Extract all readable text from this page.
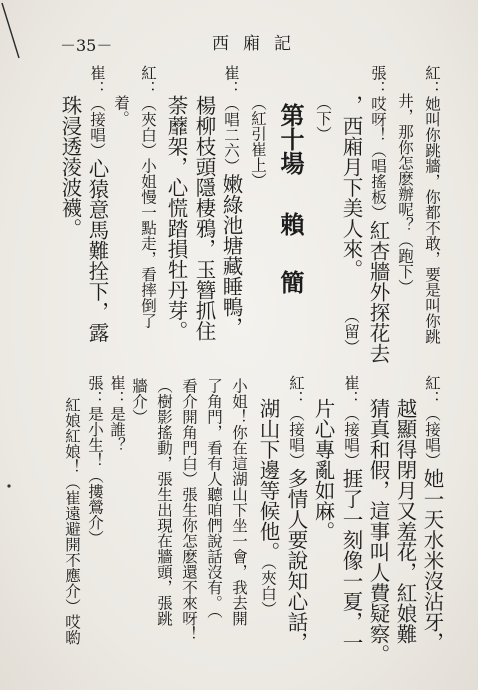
－35－	西廂記
紅：她叫你跳牆，你都不敢，要是叫你跳
井，那你怎麽辦呢？（跑下）
張：哎呀！（唱搖板）紅杏牆外探花去
，西廂月下美人來。
（留）
（下）
第十場
賴簡
（紅引崔上）
崔：（唱二六）嫩綠池塘藏睡鴨，
楊柳枝頭隱棲鴉，玉簪抓住
荼蘼架，心慌踏損牡丹芽。
紅：（夾白）小姐慢一點走，看摔倒了
着。
崔：（接唱）心猿意馬難拴下，露
珠浸透淩波襪。
紅：（接唱）她一天水米沒沾牙，
越顯得閉月又羞花，紅娘難
猜真和假，這事叫人費疑察。
崔：（接唱）捱了一刻像一夏，一
片心專亂如麻。
紅：（接唱）多情人要說知心話，
湖山下邊等候他。（夾白）
小姐！你在這湖山下坐一會，我去開
了角門，看有人聽咱們說話沒有。（
看介開角門白）張生你怎麽還不來呀！
（樹影搖動，張生出現在牆頭，張跳
牆介）
崔：是誰？
張：是小生！（摟鶯介）
紅娘紅娘！（崔遠避開不應介）哎喲
